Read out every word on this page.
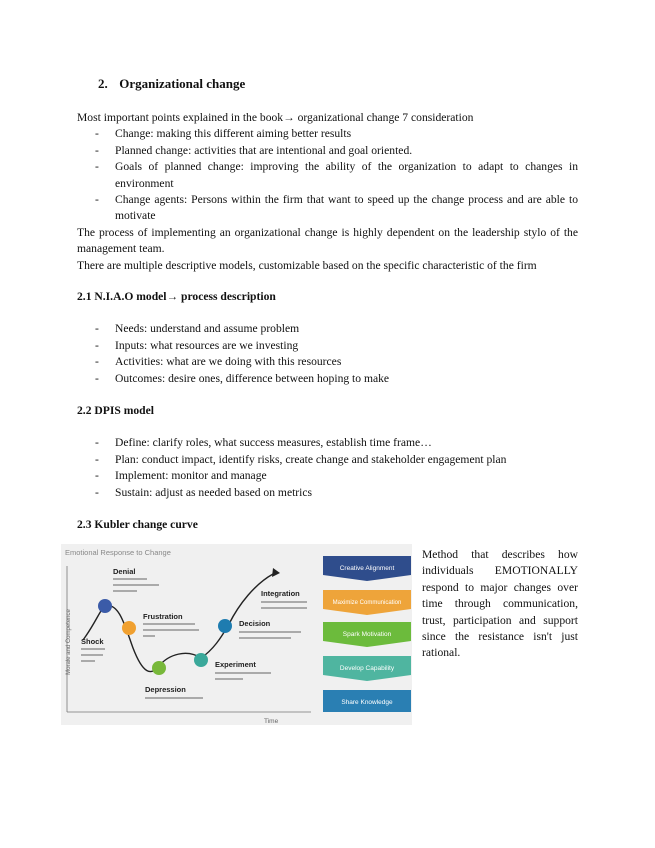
2. Organizational change

Most important points explained in the book→ organizational change 7 consideration

- Change: making this different aiming better results
- Planned change: activities that are intentional and goal oriented.
- Goals of planned change: improving the ability of the organization to adapt to changes in environment
- Change agents: Persons within the firm that want to speed up the change process and are able to motivate

The process of implementing an organizational change is highly dependent on the leadership stylo of the management team.

There are multiple descriptive models, customizable based on the specific characteristic of the firm

2.1 N.I.A.O model→ process description
- Needs: understand and assume problem
- Inputs: what resources are we investing
- Activities: what are we doing with this resources
- Outcomes: desire ones, difference between hoping to make
2.2 DPIS model
- Define: clarify roles, what success measures, establish time frame…
- Plan: conduct impact, identify risks, create change and stakeholder engagement plan
- Implement: monitor and manage
- Sustain: adjust as needed based on metrics
2.3 Kubler change curve
Emotional Response to Change
Morale and Competence
Time
Denial
Shock
Frustration
Depression
Experiment
Decision
Integration
Creative Alignment
Maximize Communication
Spark Motivation
Develop Capability
Share Knowledge

Method that describes how individuals EMOTIONALLY respond to major changes over time through communication, trust, participation and support since the resistance isn't just rational.
